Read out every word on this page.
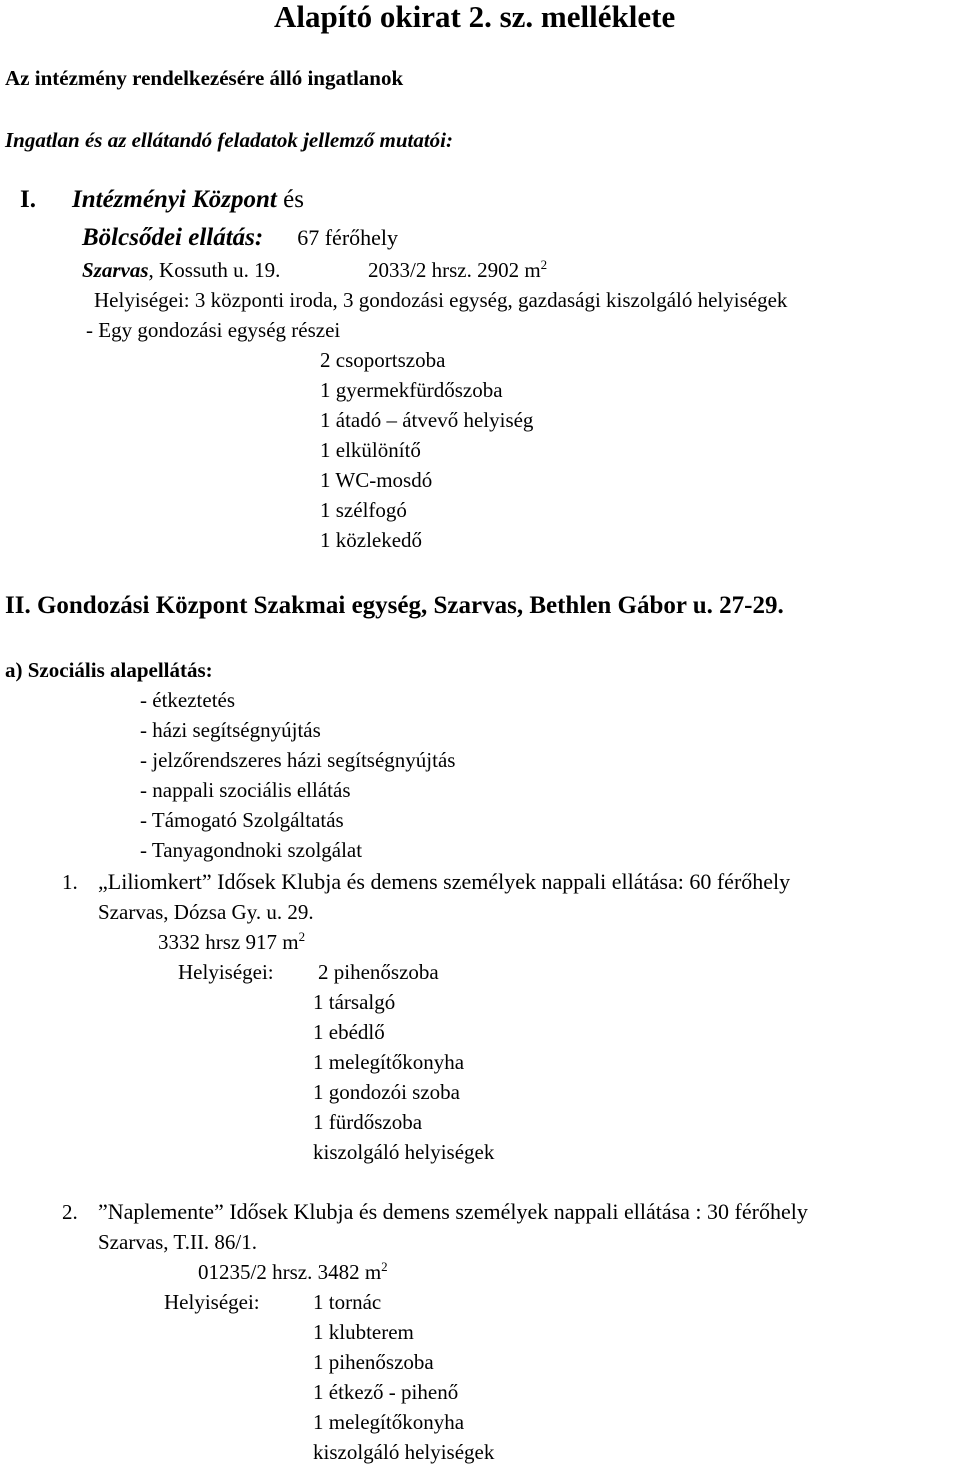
Alapító okirat 2. sz. melléklete
Az intézmény rendelkezésére álló ingatlanok
Ingatlan és az ellátandó feladatok jellemző mutatói:
I. Intézményi Központ és
Bölcsődei ellátás: 67 férőhely
Szarvas, Kossuth u. 19.	2033/2 hrsz. 2902 $m^2$
Helyiségei: 3 központi iroda, 3 gondozási egység, gazdasági kiszolgáló helyiségek
- Egy gondozási egység részei
2 csoportszoba
1 gyermekfürdőszoba
1 átadó – átvevő helyiség
1 elkülönítő
1 WC-mosdó
1 szélfogó
1 közlekedő
II. Gondozási Központ Szakmai egység, Szarvas, Bethlen Gábor u. 27-29.
a) Szociális alapellátás:
- étkeztetés
- házi segítségnyújtás
- jelzőrendszeres házi segítségnyújtás
- nappali szociális ellátás
- Támogató Szolgáltatás
- Tanyagondnoki szolgálat
1. „Liliomkert” Idősek Klubja és demens személyek nappali ellátása: 60 férőhely
Szarvas, Dózsa Gy. u. 29.
3332 hrsz 917 $m^2$
Helyiségei: 2 pihenőszoba
1 társalgó
1 ebédlő
1 melegítőkonyha
1 gondozói szoba
1 fürdőszoba
kiszolgáló helyiségek
2. ”Naplemente” Idősek Klubja és demens személyek nappali ellátása : 30 férőhely
Szarvas, T.II. 86/1.
01235/2 hrsz. 3482 $m^2$
Helyiségei:	1 tornác
1 klubterem
1 pihenőszoba
1 étkező - pihenő
1 melegítőkonyha
kiszolgáló helyiségek
